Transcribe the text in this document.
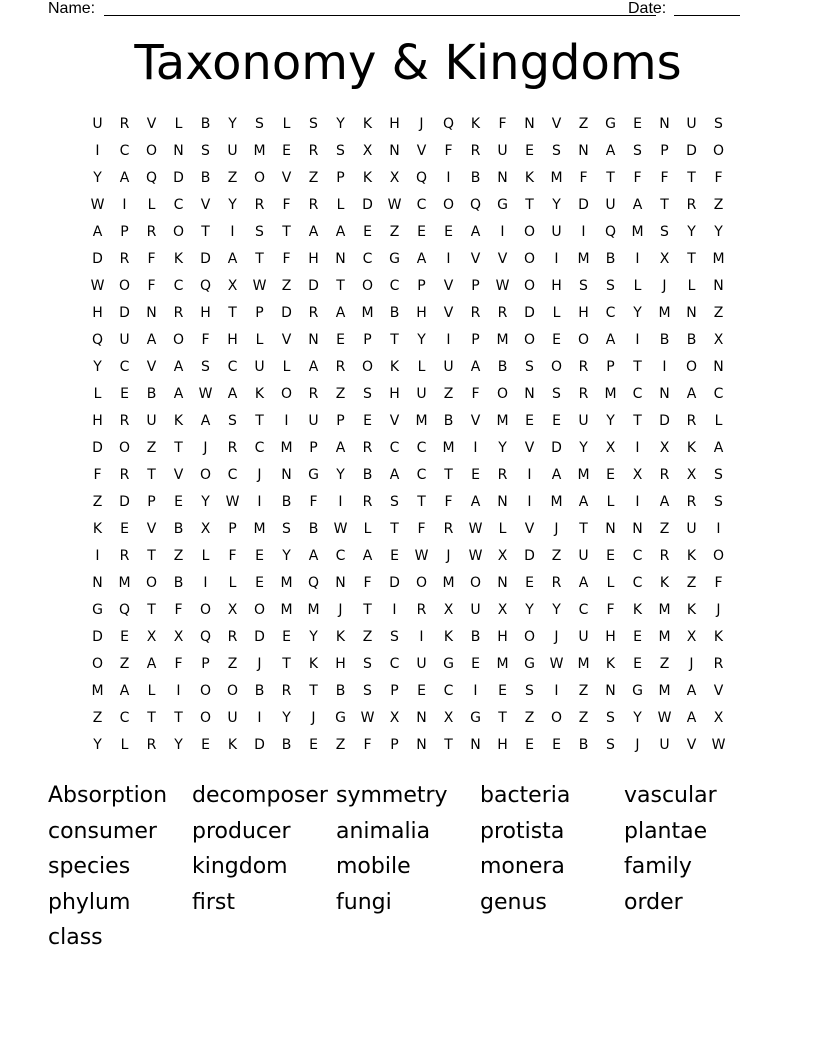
Name:	Date:
Taxonomy & Kingdoms
U	R	V	L	B	Y	S	L	S	Y	K	H	J	Q	K	F	N	V	Z	G	E	N	U	S
I	C	O	N	S	U	M	E	R	S	X	N	V	F	R	U	E	S	N	A	S	P	D	O
Y	A	Q	D	B	Z	O	V	Z	P	K	X	Q	I	B	N	K	M	F	T	F	F	T	F
W	I	L	C	V	Y	R	F	R	L	D	W	C	O	Q	G	T	Y	D	U	A	T	R	Z
A	P	R	O	T	I	S	T	A	A	E	Z	E	E	A	I	O	U	I	Q	M	S	Y	Y
D	R	F	K	D	A	T	F	H	N	C	G	A	I	V	V	O	I	M	B	I	X	T	M
W	O	F	C	Q	X	W	Z	D	T	O	C	P	V	P	W	O	H	S	S	L	J	L	N
H	D	N	R	H	T	P	D	R	A	M	B	H	V	R	R	D	L	H	C	Y	M	N	Z
Q	U	A	O	F	H	L	V	N	E	P	T	Y	I	P	M	O	E	O	A	I	B	B	X
Y	C	V	A	S	C	U	L	A	R	O	K	L	U	A	B	S	O	R	P	T	I	O	N
L	E	B	A	W	A	K	O	R	Z	S	H	U	Z	F	O	N	S	R	M	C	N	A	C
H	R	U	K	A	S	T	I	U	P	E	V	M	B	V	M	E	E	U	Y	T	D	R	L
D	O	Z	T	J	R	C	M	P	A	R	C	C	M	I	Y	V	D	Y	X	I	X	K	A
F	R	T	V	O	C	J	N	G	Y	B	A	C	T	E	R	I	A	M	E	X	R	X	S
Z	D	P	E	Y	W	I	B	F	I	R	S	T	F	A	N	I	M	A	L	I	A	R	S
K	E	V	B	X	P	M	S	B	W	L	T	F	R	W	L	V	J	T	N	N	Z	U	I
I	R	T	Z	L	F	E	Y	A	C	A	E	W	J	W	X	D	Z	U	E	C	R	K	O
N	M	O	B	I	L	E	M	Q	N	F	D	O	M	O	N	E	R	A	L	C	K	Z	F
G	Q	T	F	O	X	O	M	M	J	T	I	R	X	U	X	Y	Y	C	F	K	M	K	J
D	E	X	X	Q	R	D	E	Y	K	Z	S	I	K	B	H	O	J	U	H	E	M	X	K
O	Z	A	F	P	Z	J	T	K	H	S	C	U	G	E	M	G	W	M	K	E	Z	J	R
M	A	L	I	O	O	B	R	T	B	S	P	E	C	I	E	S	I	Z	N	G	M	A	V
Z	C	T	T	O	U	I	Y	J	G	W	X	N	X	G	T	Z	O	Z	S	Y	W	A	X
Y	L	R	Y	E	K	D	B	E	Z	F	P	N	T	N	H	E	E	B	S	J	U	V	W
Absorption	decomposer symmetry	bacteria	vascular
consumer	producer	animalia	protista	plantae
species	kingdom	mobile	monera	family
phylum	first	fungi	genus	order
class
